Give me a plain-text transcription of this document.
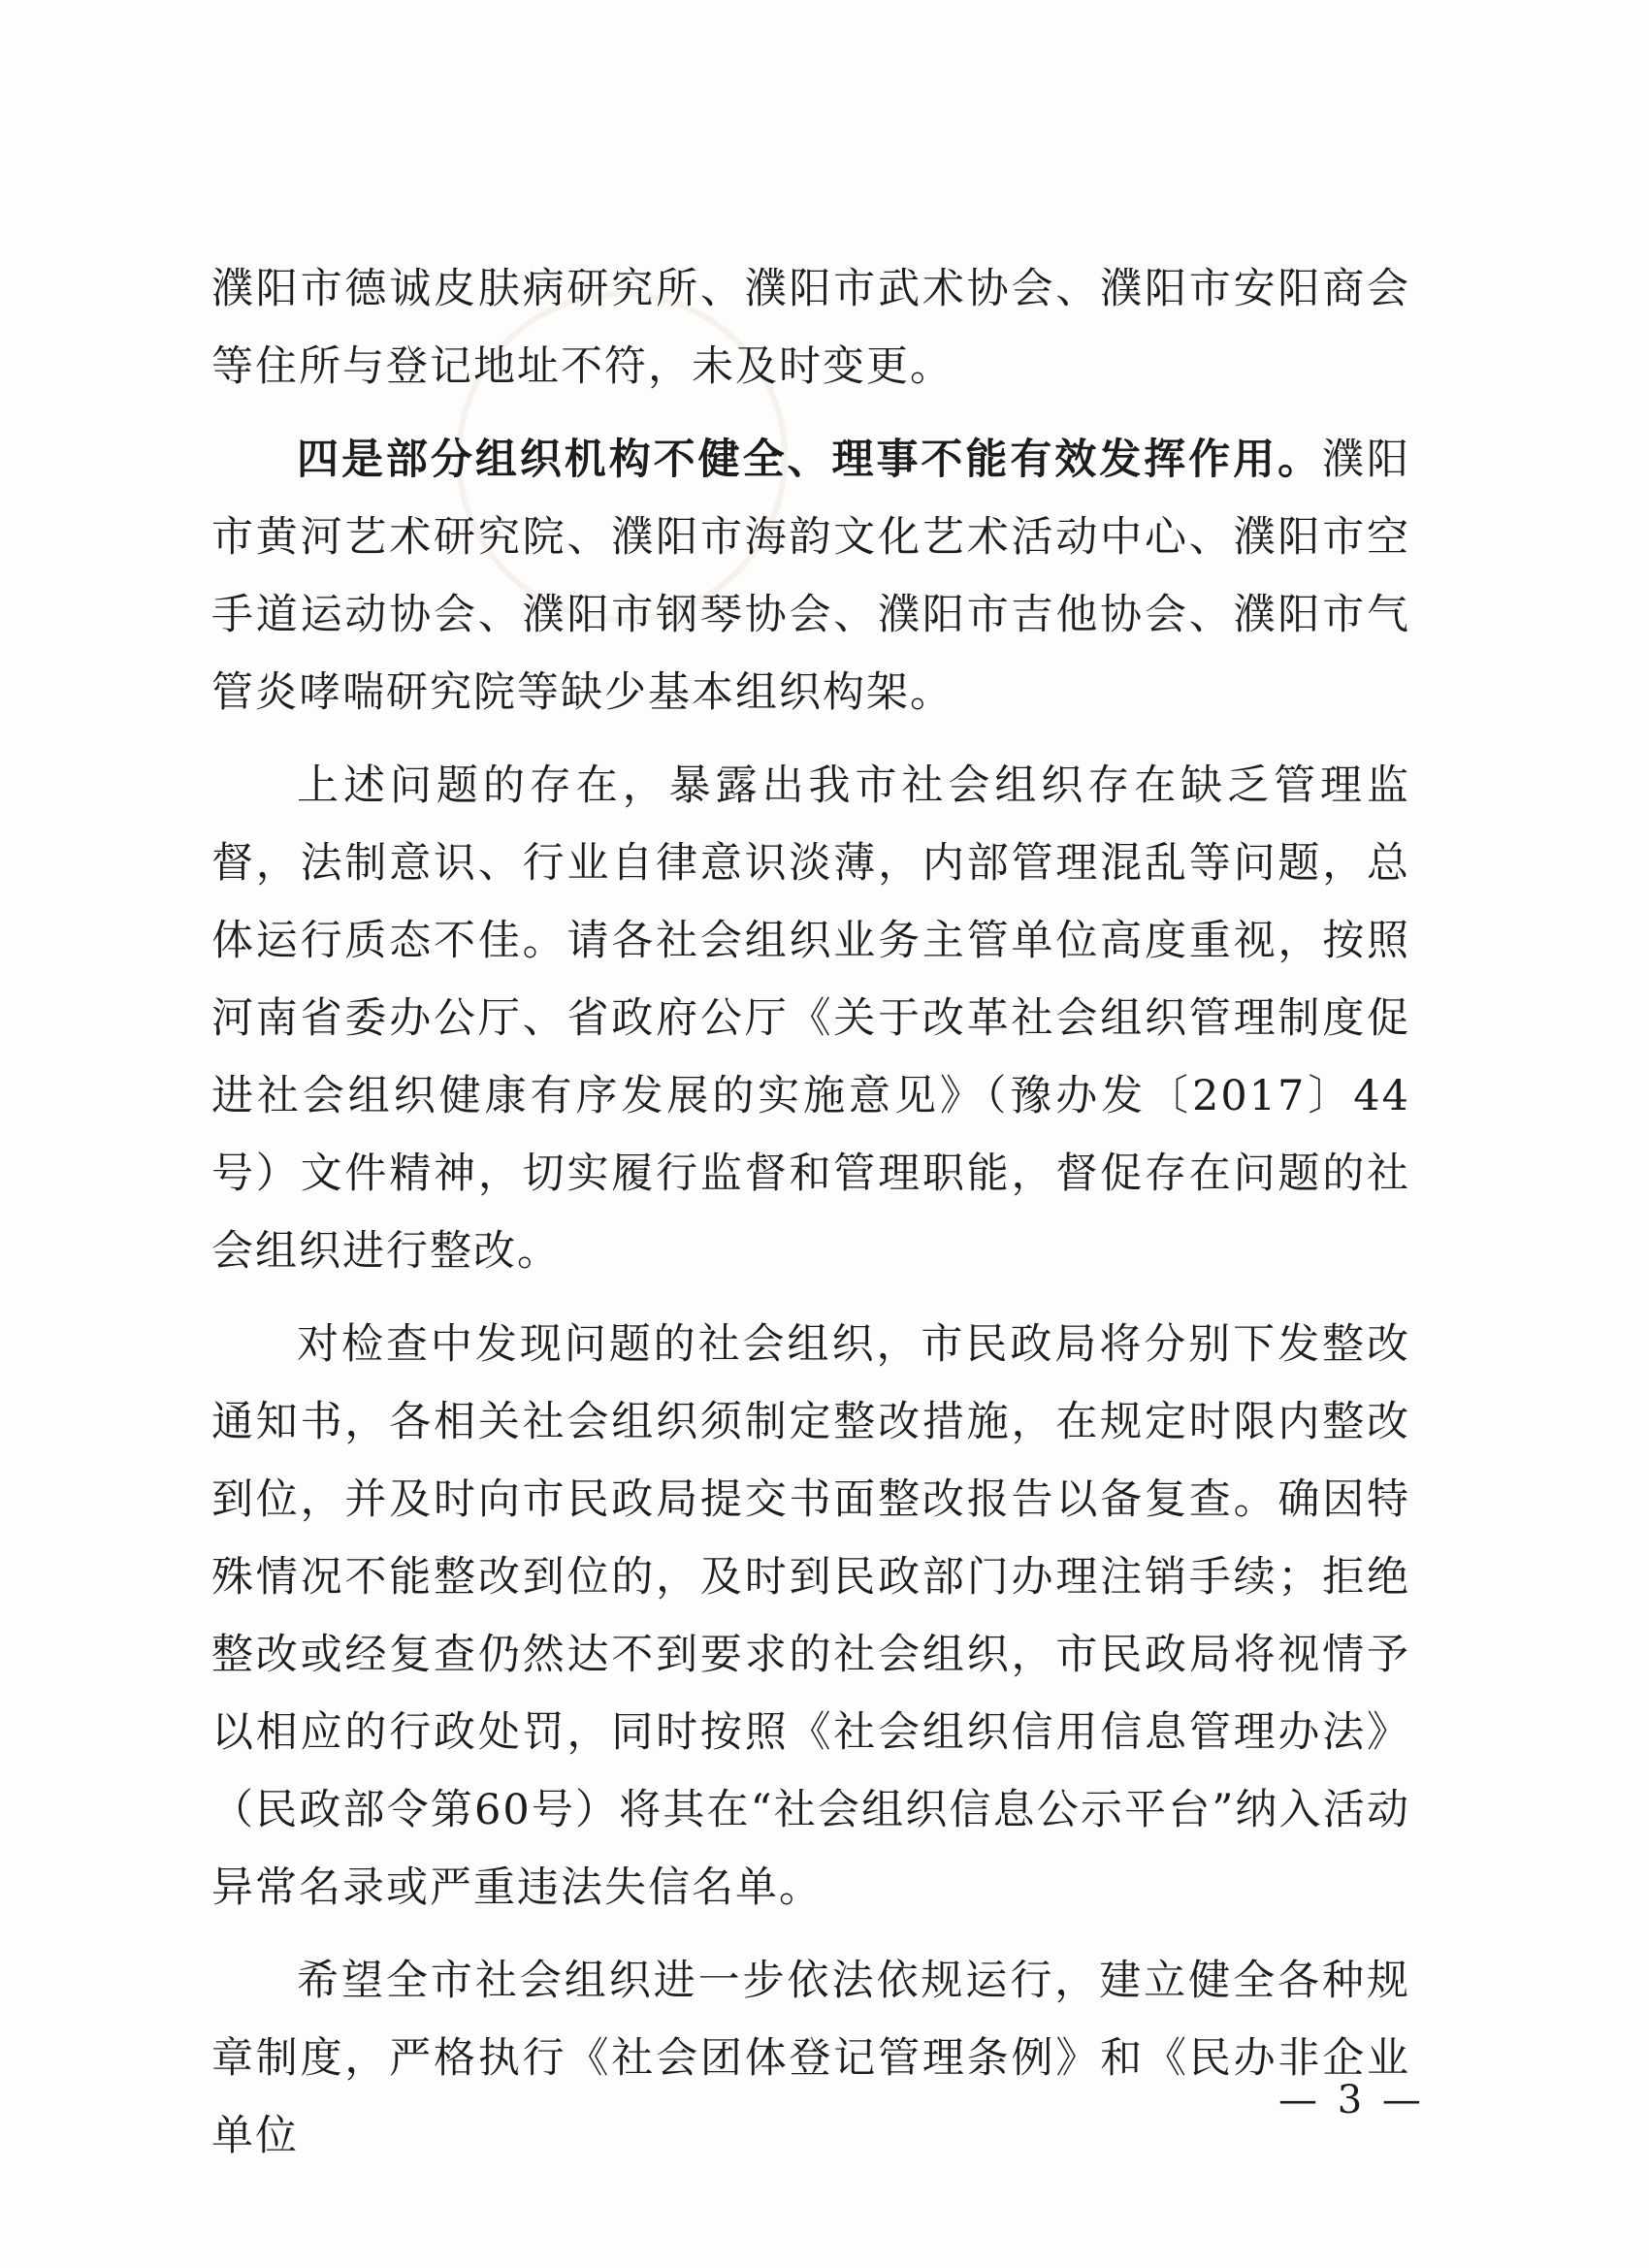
濮阳市德诚皮肤病研究所、濮阳市武术协会、濮阳市安阳商会等住所与登记地址不符，未及时变更。

四是部分组织机构不健全、理事不能有效发挥作用。濮阳市黄河艺术研究院、濮阳市海韵文化艺术活动中心、濮阳市空手道运动协会、濮阳市钢琴协会、濮阳市吉他协会、濮阳市气管炎哮喘研究院等缺少基本组织构架。

上述问题的存在，暴露出我市社会组织存在缺乏管理监督，法制意识、行业自律意识淡薄，内部管理混乱等问题，总体运行质态不佳。请各社会组织业务主管单位高度重视，按照河南省委办公厅、省政府公厅《关于改革社会组织管理制度促进社会组织健康有序发展的实施意见》（豫办发〔2017〕44号）文件精神，切实履行监督和管理职能，督促存在问题的社会组织进行整改。

对检查中发现问题的社会组织，市民政局将分别下发整改通知书，各相关社会组织须制定整改措施，在规定时限内整改到位，并及时向市民政局提交书面整改报告以备复查。确因特殊情况不能整改到位的，及时到民政部门办理注销手续；拒绝整改或经复查仍然达不到要求的社会组织，市民政局将视情予以相应的行政处罚，同时按照《社会组织信用信息管理办法》（民政部令第60号）将其在“社会组织信息公示平台”纳入活动异常名录或严重违法失信名单。

希望全市社会组织进一步依法依规运行，建立健全各种规章制度，严格执行《社会团体登记管理条例》和《民办非企业单位

— 3 —
